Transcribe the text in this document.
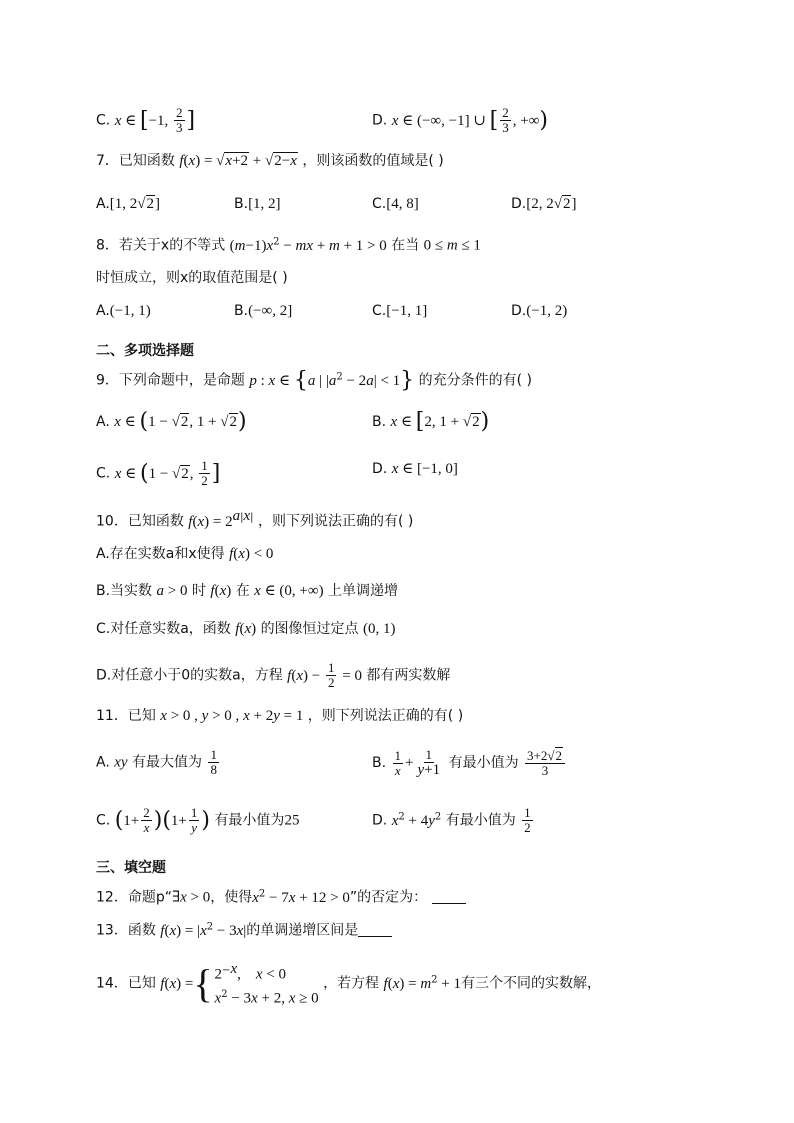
C. x ∈ [−1, $\frac{2}{3}$ ]	D. x ∈ (−∞, −1] ∪ [ $\frac{2}{3}$ , +∞)
7．已知函数 f(x) = √x+2 + √2−x ，则该函数的值域是( )
A.[1, 2√2]	B.[1, 2]	C.[4, 8]	D.[2, 2√2]
8．若关于x的不等式 $(m-1)x^2$ − mx + m + 1 > 0 在当 0 ≤ m ≤ 1
时恒成立，则x的取值范围是( )
A.(−1, 1)	B.(−∞, 2]	C.[−1, 1]	D.(−1, 2)
二、多项选择题
9．下列命题中，是命题 p : x ∈ {a | $|a^2 - 2a| < 1$} 的充分条件的有( )
A. x ∈ (1 − √2, 1 + √2)	B. x ∈ [2, 1 + √2)
C. x ∈ (1 − √2, $\frac{1}{2}$ ]	D. x ∈ [−1, 0]
10．已知函数 $f(x) = 2^{a|x|}$ ，则下列说法正确的有( )
A.存在实数a和x使得 f(x) < 0
B.当实数 a > 0 时 f(x) 在 x ∈ (0, +∞) 上单调递增
C.对任意实数a，函数 f(x) 的图像恒过定点 (0, 1)
D.对任意小于0的实数a，方程 $f(x) - \frac{1}{2} = 0$ 都有两实数解
11．已知 x > 0 , y > 0 , x + 2y = 1 ，则下列说法正确的有( )
A. xy 有最大值为 $\frac{1}{8}$	B. $\frac{1}{x} + \frac{1}{y+1}$ 有最小值为 $\frac{3+2√2}{3}$
C. $(1+ \frac{2}{x} )(1+ \frac{1}{y}$ ) 有最小值为25	D. $x^2 + 4y^2$ 有最小值为 $\frac{1}{2}$
三、填空题
12．命题p“∃x > 0，使得$x^2 - 7x + 12 > 0$”的否定为：
13．函数 $f(x) = |x^2 - 3x|$的单调递增区间是
14．已知 f ( x ) = { $2^{-x}$,    x < 0
$x^2 - 3x + 2$, x ≥ 0
，若方程 $f(x) = m^2 + 1$有三个不同的实数解，
